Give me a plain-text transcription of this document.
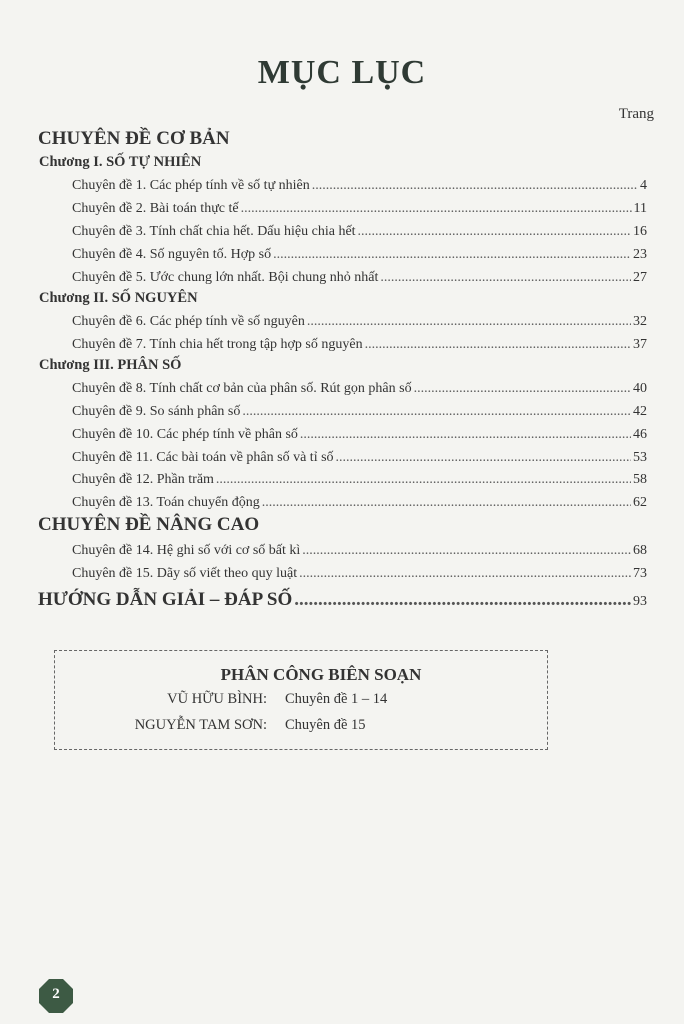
MỤC LỤC
Trang
CHUYÊN ĐỀ CƠ BẢN
Chương I. SỐ TỰ NHIÊN
Chuyên đề 1. Các phép tính về số tự nhiên .....	4
Chuyên đề 2. Bài toán thực tế .....	11
Chuyên đề 3. Tính chất chia hết. Dấu hiệu chia hết .....	16
Chuyên đề 4. Số nguyên tố. Hợp số .....	23
Chuyên đề 5. Ước chung lớn nhất. Bội chung nhỏ nhất .....	27
Chương II. SỐ NGUYÊN
Chuyên đề 6. Các phép tính về số nguyên .....	32
Chuyên đề 7. Tính chia hết trong tập hợp số nguyên .....	37
Chương III. PHÂN SỐ
Chuyên đề 8. Tính chất cơ bản của phân số. Rút gọn phân số .....	40
Chuyên đề 9. So sánh phân số .....	42
Chuyên đề 10. Các phép tính về phân số .....	46
Chuyên đề 11. Các bài toán về phân số và tỉ số .....	53
Chuyên đề 12. Phần trăm .....	58
Chuyên đề 13. Toán chuyển động .....	62
CHUYÊN ĐỀ NÂNG CAO
Chuyên đề 14. Hệ ghi số với cơ số bất kì .....	68
Chuyên đề 15. Dãy số viết theo quy luật .....	73
HƯỚNG DẪN GIẢI – ĐÁP SỐ .....	93
PHÂN CÔNG BIÊN SOẠN
VŨ HỮU BÌNH: Chuyên đề 1 – 14
NGUYỄN TAM SƠN: Chuyên đề 15
2
